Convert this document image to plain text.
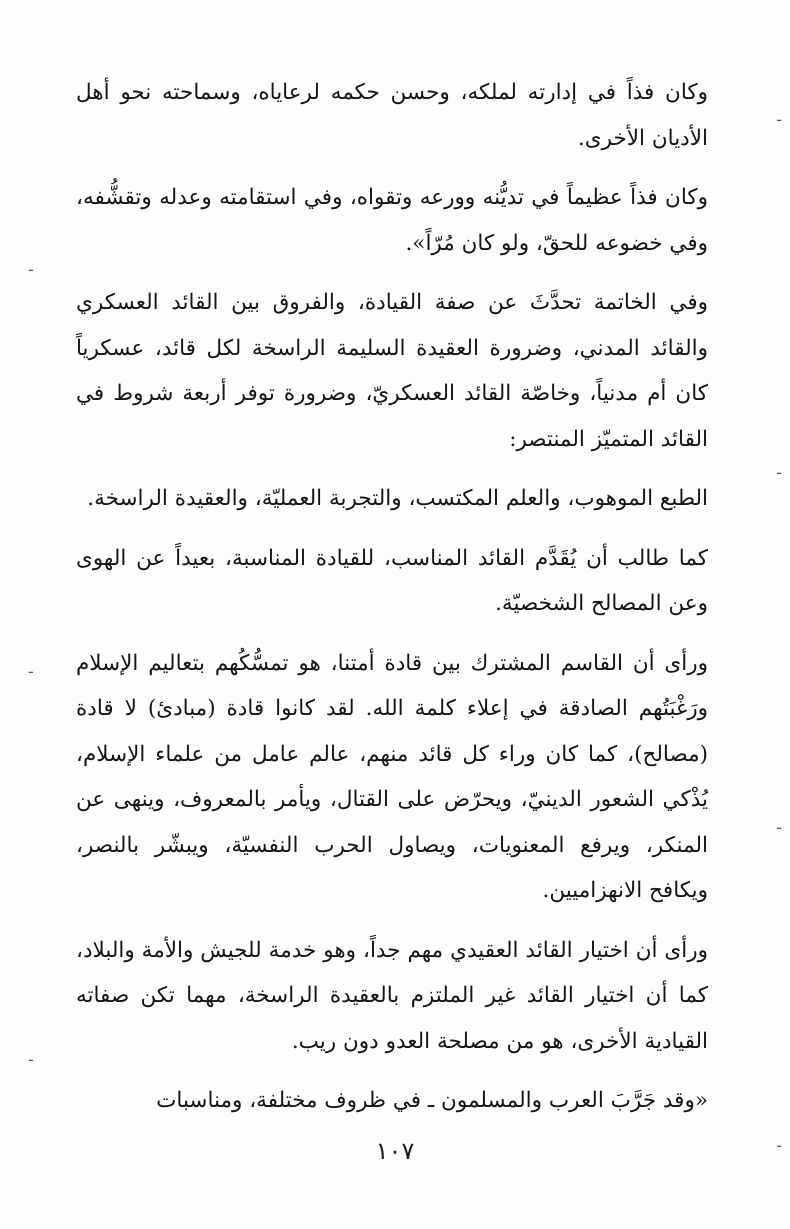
-
-
-
-
-
-
-

وكان فذاً في إدارته لملكه، وحسن حكمه لرعاياه، وسماحته نحو أهل الأديان الأخرى.

وكان فذاً عظيماً في تديُّنه وورعه وتقواه، وفي استقامته وعدله وتقشُّفه، وفي خضوعه للحقّ، ولو كان مُرّاً».

وفي الخاتمة تحدَّثَ عن صفة القيادة، والفروق بين القائد العسكري والقائد المدني، وضرورة العقيدة السليمة الراسخة لكل قائد، عسكرياً كان أم مدنياً، وخاصّة القائد العسكريّ، وضرورة توفر أربعة شروط في القائد المتميّز المنتصر:

الطبع الموهوب، والعلم المكتسب، والتجربة العمليّة، والعقيدة الراسخة.

كما طالب أن يُقَدَّم القائد المناسب، للقيادة المناسبة، بعيداً عن الهوى وعن المصالح الشخصيّة.

ورأى أن القاسم المشترك بين قادة أمتنا، هو تمسُّكُهم بتعاليم الإسلام ورَغْبَتُهم الصادقة في إعلاء كلمة الله. لقد كانوا قادة (مبادئ) لا قادة (مصالح)، كما كان وراء كل قائد منهم، عالم عامل من علماء الإسلام، يُذْكي الشعور الدينيّ، ويحرّض على القتال، ويأمر بالمعروف، وينهى عن المنكر، ويرفع المعنويات، ويصاول الحرب النفسيّة، ويبشّر بالنصر، ويكافح الانهزاميين.

ورأى أن اختيار القائد العقيدي مهم جداً، وهو خدمة للجيش والأمة والبلاد، كما أن اختيار القائد غير الملتزم بالعقيدة الراسخة، مهما تكن صفاته القيادية الأخرى، هو من مصلحة العدو دون ريب.

«وقد جَرَّبَ العرب والمسلمون ـ في ظروف مختلفة، ومناسبات

١٠٧
